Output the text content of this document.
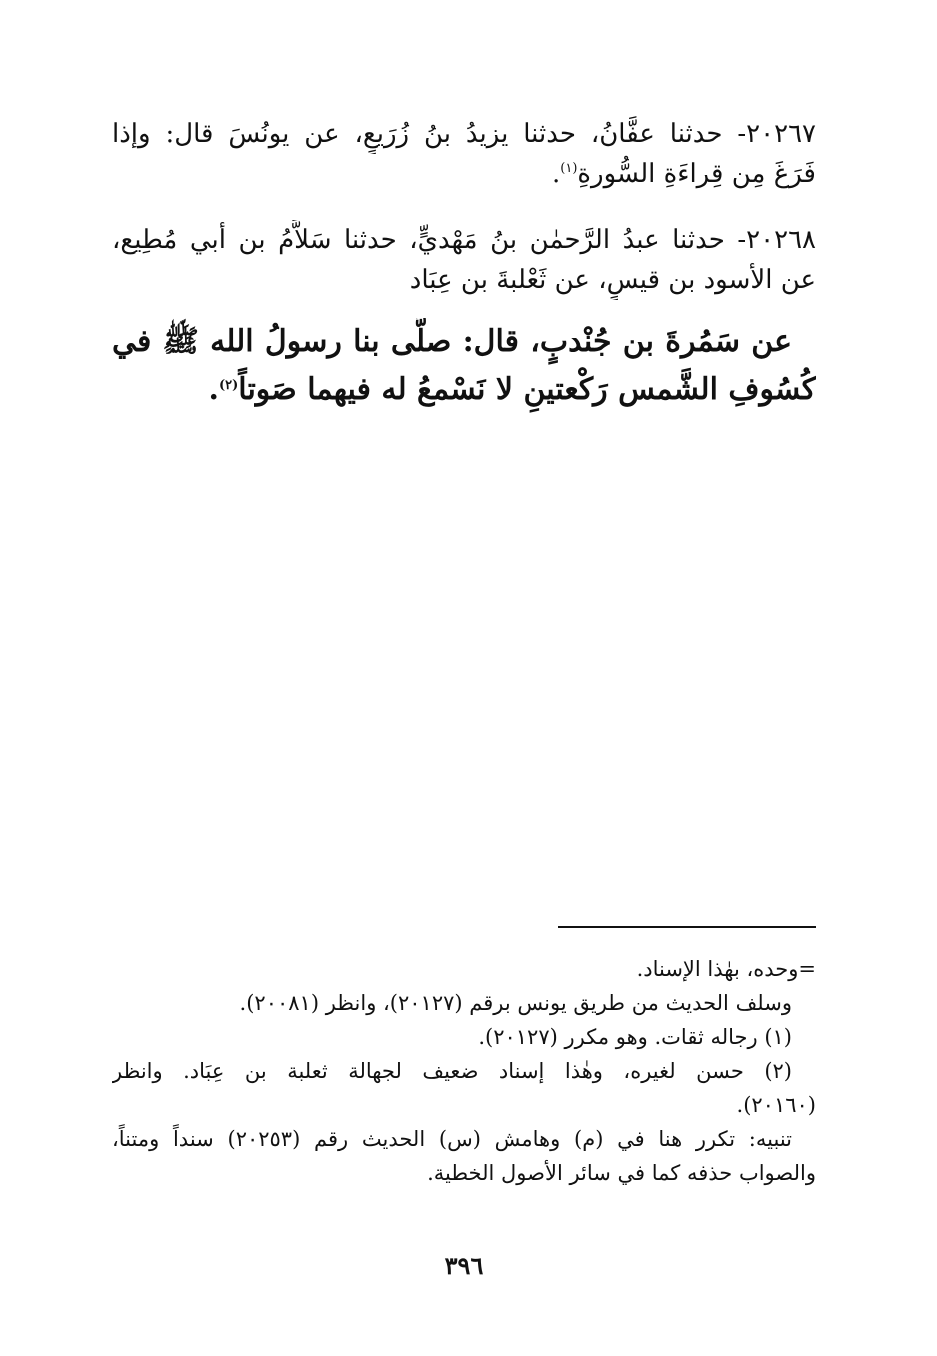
٢٠٢٦٧- حدثنا عفَّانُ، حدثنا يزيدُ بنُ زُرَيعٍ، عن يونُسَ قال: وإذا
فَرَغَ مِن قِراءَةِ السُّورةِ$^{(١)}$.
٢٠٢٦٨- حدثنا عبدُ الرَّحمٰن بنُ مَهْديٍّ، حدثنا سَلاَّمُ بن أبي مُطِيع،
عن الأسود بن قيسٍ، عن ثَعْلبةَ بن عِبَاد
عن سَمُرةَ بن جُنْدبٍ، قال: صلَّى بنا رسولُ الله ﷺ في
كُسُوفِ الشَّمس رَكْعتينِ لا نَسْمعُ له فيهما صَوتاً$^{(٢)}$.
=وحده، بهٰذا الإسناد.
وسلف الحديث من طريق يونس برقم (٢٠١٢٧)، وانظر (٢٠٠٨١).
(١) رجاله ثقات. وهو مكرر (٢٠١٢٧).
(٢) حسن لغيره، وهٰذا إسناد ضعيف لجهالة ثعلبة بن عِبَاد. وانظر
(٢٠١٦٠).
تنبيه: تكرر هنا في (م) وهامش (س) الحديث رقم (٢٠٢٥٣) سنداً ومتناً،
والصواب حذفه كما في سائر الأصول الخطية.
٣٩٦
